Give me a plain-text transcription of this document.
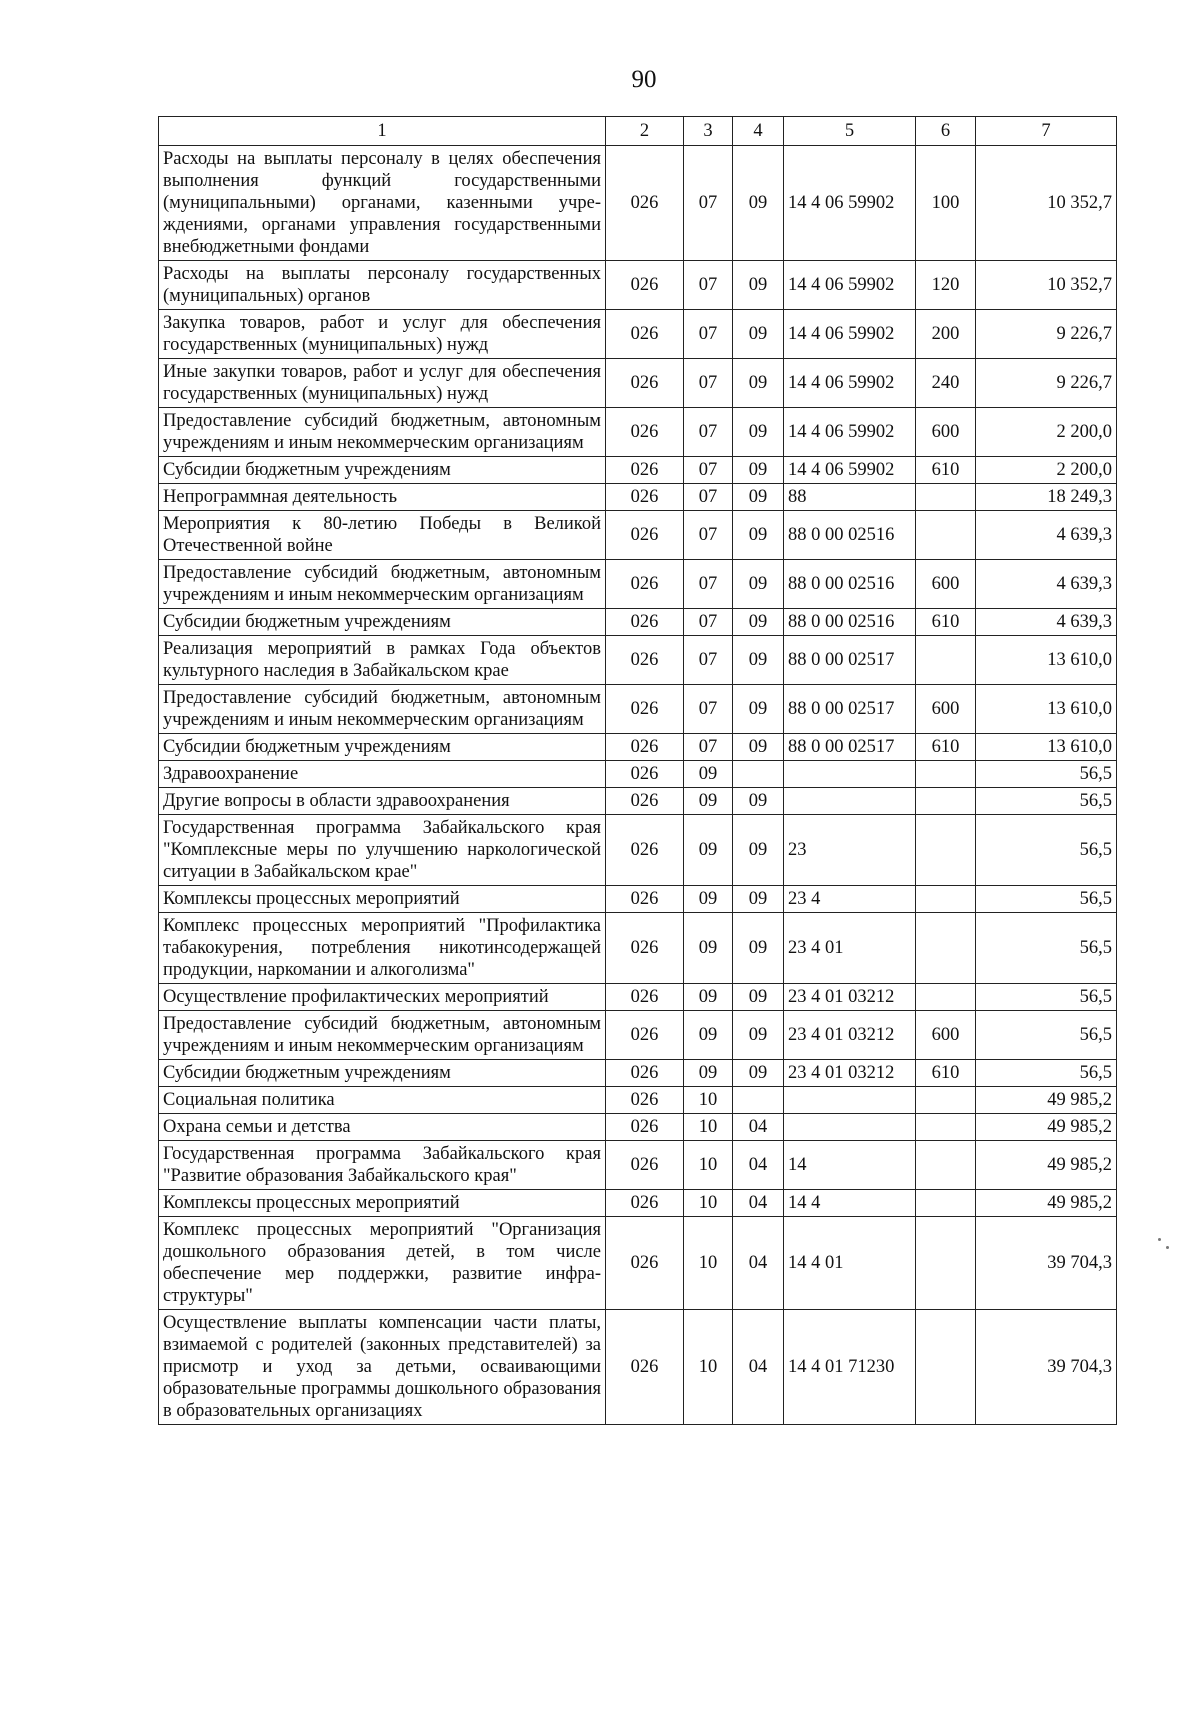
90
1	2	3	4	5	6	7
Расходы на выплаты персоналу в целях обеспечения выполнения функций государственными (муниципальными) органами, казенными учреждениями, органами управления государственными внебюджетными фондами	026	07	09	14 4 06 59902	100	10 352,7
Расходы на выплаты персоналу государственных (муниципальных) органов	026	07	09	14 4 06 59902	120	10 352,7
Закупка товаров, работ и услуг для обеспечения государственных (муниципальных) нужд	026	07	09	14 4 06 59902	200	9 226,7
Иные закупки товаров, работ и услуг для обеспечения государственных (муниципальных) нужд	026	07	09	14 4 06 59902	240	9 226,7
Предоставление субсидий бюджетным, автономным учреждениям и иным некоммерческим организациям	026	07	09	14 4 06 59902	600	2 200,0
Субсидии бюджетным учреждениям	026	07	09	14 4 06 59902	610	2 200,0
Непрограммная деятельность	026	07	09	88		18 249,3
Мероприятия к 80-летию Победы в Великой Отечественной войне	026	07	09	88 0 00 02516		4 639,3
Предоставление субсидий бюджетным, автономным учреждениям и иным некоммерческим организациям	026	07	09	88 0 00 02516	600	4 639,3
Субсидии бюджетным учреждениям	026	07	09	88 0 00 02516	610	4 639,3
Реализация мероприятий в рамках Года объектов культурного наследия в Забайкальском крае	026	07	09	88 0 00 02517		13 610,0
Предоставление субсидий бюджетным, автономным учреждениям и иным некоммерческим организациям	026	07	09	88 0 00 02517	600	13 610,0
Субсидии бюджетным учреждениям	026	07	09	88 0 00 02517	610	13 610,0
Здравоохранение	026	09				56,5
Другие вопросы в области здравоохранения	026	09	09			56,5
Государственная программа Забайкальского края "Комплексные меры по улучшению наркологической ситуации в Забайкальском крае"	026	09	09	23		56,5
Комплексы процессных мероприятий	026	09	09	23 4		56,5
Комплекс процессных мероприятий "Профилактика табакокурения, потребления никотинсодержащей продукции, наркомании и алкоголизма"	026	09	09	23 4 01		56,5
Осуществление профилактических мероприятий	026	09	09	23 4 01 03212		56,5
Предоставление субсидий бюджетным, автономным учреждениям и иным некоммерческим организациям	026	09	09	23 4 01 03212	600	56,5
Субсидии бюджетным учреждениям	026	09	09	23 4 01 03212	610	56,5
Социальная политика	026	10				49 985,2
Охрана семьи и детства	026	10	04			49 985,2
Государственная программа Забайкальского края "Развитие образования Забайкальского края"	026	10	04	14		49 985,2
Комплексы процессных мероприятий	026	10	04	14 4		49 985,2
Комплекс процессных мероприятий "Организация дошкольного образования детей, в том числе обеспечение мер поддержки, развитие инфраструктуры"	026	10	04	14 4 01		39 704,3
Осуществление выплаты компенсации части платы, взимаемой с родителей (законных представителей) за присмотр и уход за детьми, осваивающими образовательные программы дошкольного образования в образовательных организациях	026	10	04	14 4 01 71230		39 704,3
